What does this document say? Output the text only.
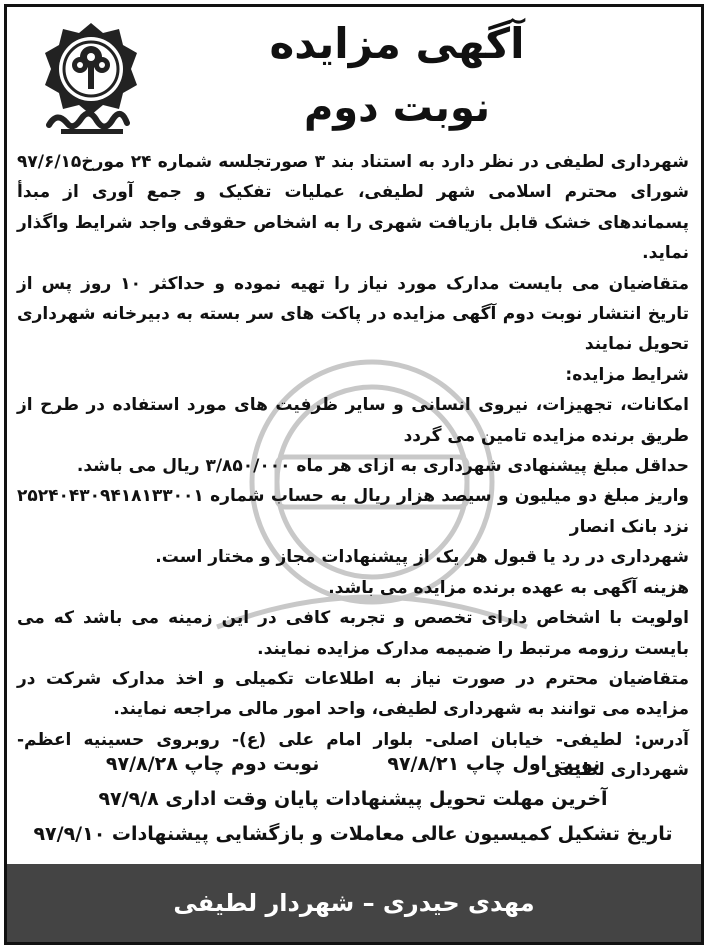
آگهی مزایده
نوبت دوم

شهرداری لطیفی در نظر دارد به استناد بند ۳ صورتجلسه شماره ۲۴ مورخ۹۷/۶/۱۵ شورای محترم اسلامی شهر لطیفی، عملیات تفکیک و جمع آوری از مبدأ پسماندهای خشک قابل بازیافت شهری را به اشخاص حقوقی واجد شرایط واگذار نماید.

متقاضیان می بایست مدارک مورد نیاز را تهیه نموده و حداکثر ۱۰ روز پس از تاریخ انتشار نوبت دوم آگهی مزایده در پاکت های سر بسته به دبیرخانه شهرداری تحویل نمایند

شرایط مزایده:

امکانات، تجهیزات، نیروی انسانی و سایر ظرفیت های مورد استفاده در طرح از طریق برنده مزایده تامین می گردد

حداقل مبلغ پیشنهادی شهرداری به ازای هر ماه ۳/۸۵۰/۰۰۰ ریال می باشد.

واریز مبلغ دو میلیون و سیصد هزار ریال به حساب شماره ۲۵۲۴۰۴۳۰۹۴۱۸۱۳۳۰۰۱ نزد بانک انصار

شهرداری در رد یا قبول هر یک از پیشنهادات مجاز و مختار است.

هزینه آگهی به عهده برنده مزایده می باشد.

اولویت با اشخاص دارای تخصص و تجربه کافی در این زمینه می باشد که می بایست رزومه مرتبط را ضمیمه مدارک مزایده نمایند.

متقاضیان محترم در صورت نیاز به اطلاعات تکمیلی و اخذ مدارک شرکت در مزایده می توانند به شهرداری لطیفی، واحد امور مالی مراجعه نمایند.

آدرس: لطیفی- خیابان اصلی- بلوار امام علی (ع)- روبروی حسینیه اعظم- شهرداری لطیفی

نوبت اول چاپ ۹۷/۸/۲۱
نوبت دوم چاپ ۹۷/۸/۲۸
آخرین مهلت تحویل پیشنهادات پایان وقت اداری ۹۷/۹/۸
تاریخ تشکیل کمیسیون عالی معاملات و بازگشایی پیشنهادات ۹۷/۹/۱۰
مهدی حیدری – شهردار لطیفی
